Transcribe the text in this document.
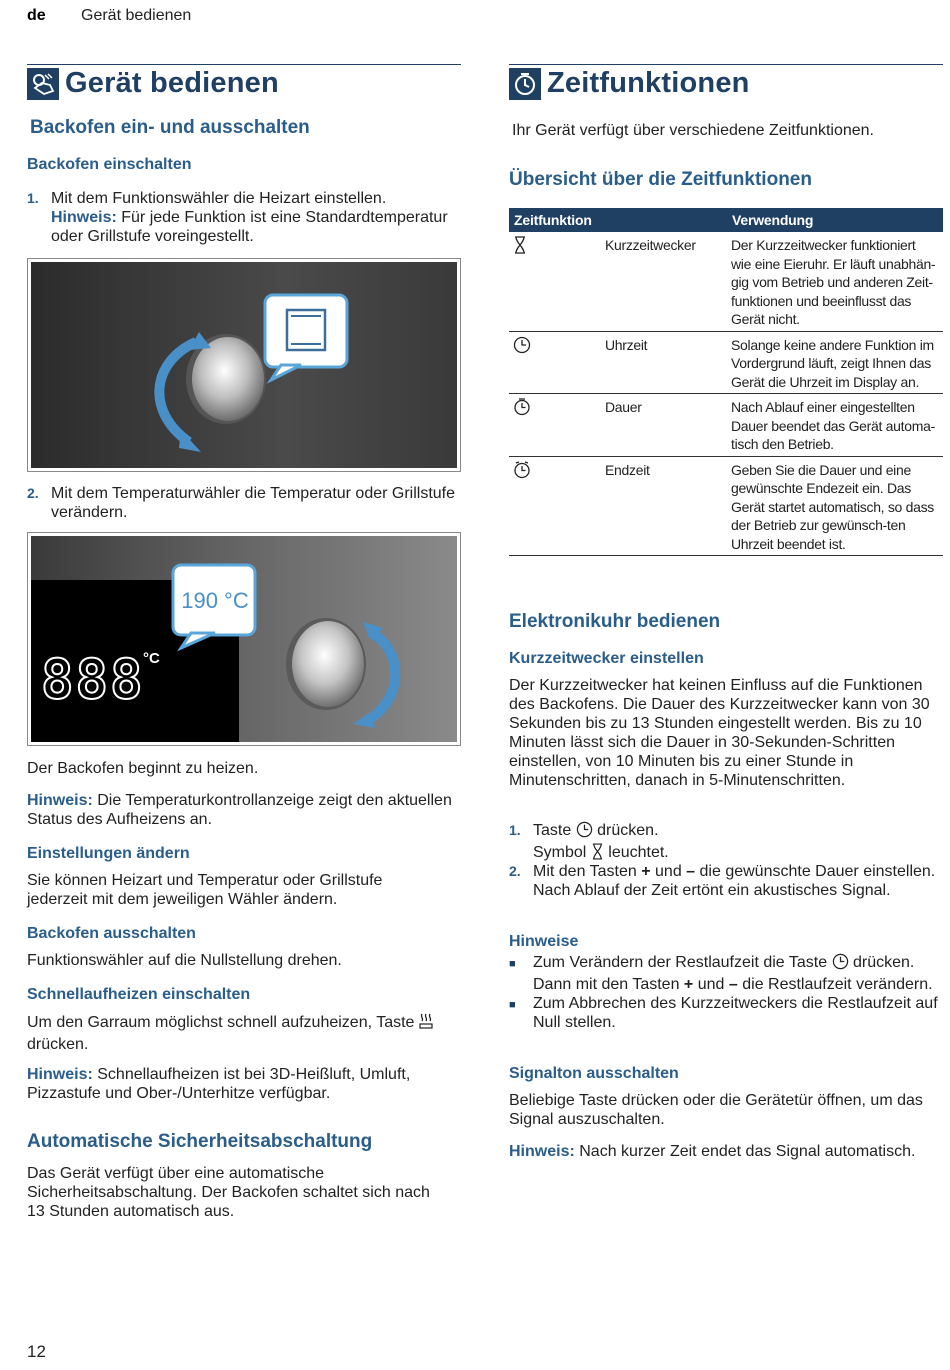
de Gerät bedienen
Gerät bedienen
Backofen ein- und ausschalten
Backofen einschalten
1. Mit dem Funktionswähler die Heizart einstellen.
Hinweis: Für jede Funktion ist eine Standardtemperatur oder Grillstufe voreingestellt.
2. Mit dem Temperaturwähler die Temperatur oder Grillstufe verändern.
888
°C
190 °C
Der Backofen beginnt zu heizen.
Hinweis: Die Temperaturkontrollanzeige zeigt den aktuellen Status des Aufheizens an.
Einstellungen ändern
Sie können Heizart und Temperatur oder Grillstufe jederzeit mit dem jeweiligen Wähler ändern.
Backofen ausschalten
Funktionswähler auf die Nullstellung drehen.
Schnellaufheizen einschalten
Um den Garraum möglichst schnell aufzuheizen, Taste  drücken.
Hinweis: Schnellaufheizen ist bei 3D-Heißluft, Umluft, Pizzastufe und Ober-/Unterhitze verfügbar.
Automatische Sicherheitsabschaltung
Das Gerät verfügt über eine automatische Sicherheitsabschaltung. Der Backofen schaltet sich nach 13 Stunden automatisch aus.
Zeitfunktionen
Ihr Gerät verfügt über verschiedene Zeitfunktionen.
Übersicht über die Zeitfunktionen
Zeitfunktion	Verwendung

Kurzzeitwecker	Der Kurzzeitwecker funktioniert wie eine Eieruhr. Er läuft unabhän-gig vom Betrieb und anderen Zeit-funktionen und beeinflusst das Gerät nicht.

Uhrzeit	Solange keine andere Funktion im Vordergrund läuft, zeigt Ihnen das Gerät die Uhrzeit im Display an.

Dauer	Nach Ablauf einer eingestellten Dauer beendet das Gerät automa-tisch den Betrieb.

Endzeit	Geben Sie die Dauer und eine gewünschte Endezeit ein. Das Gerät startet automatisch, so dass der Betrieb zur gewünsch-ten Uhrzeit beendet ist.
Elektronikuhr bedienen
Kurzzeitwecker einstellen
Der Kurzzeitwecker hat keinen Einfluss auf die Funktionen des Backofens. Die Dauer des Kurzzeitwecker kann von 30 Sekunden bis zu 13 Stunden eingestellt werden. Bis zu 10 Minuten lässt sich die Dauer in 30-Sekunden-Schritten einstellen, von 10 Minuten bis zu einer Stunde in Minutenschritten, danach in 5-Minutenschritten.
1. Taste drücken.
Symbol leuchtet.
2. Mit den Tasten + und – die gewünschte Dauer einstellen.
Nach Ablauf der Zeit ertönt ein akustisches Signal.
Hinweise
■	Zum Verändern der Restlaufzeit die Taste drücken. Dann mit den Tasten + und – die Restlaufzeit verändern.
■	Zum Abbrechen des Kurzzeitweckers die Restlaufzeit auf Null stellen.
Signalton ausschalten
Beliebige Taste drücken oder die Gerätetür öffnen, um das Signal auszuschalten.
Hinweis: Nach kurzer Zeit endet das Signal automatisch.
12
